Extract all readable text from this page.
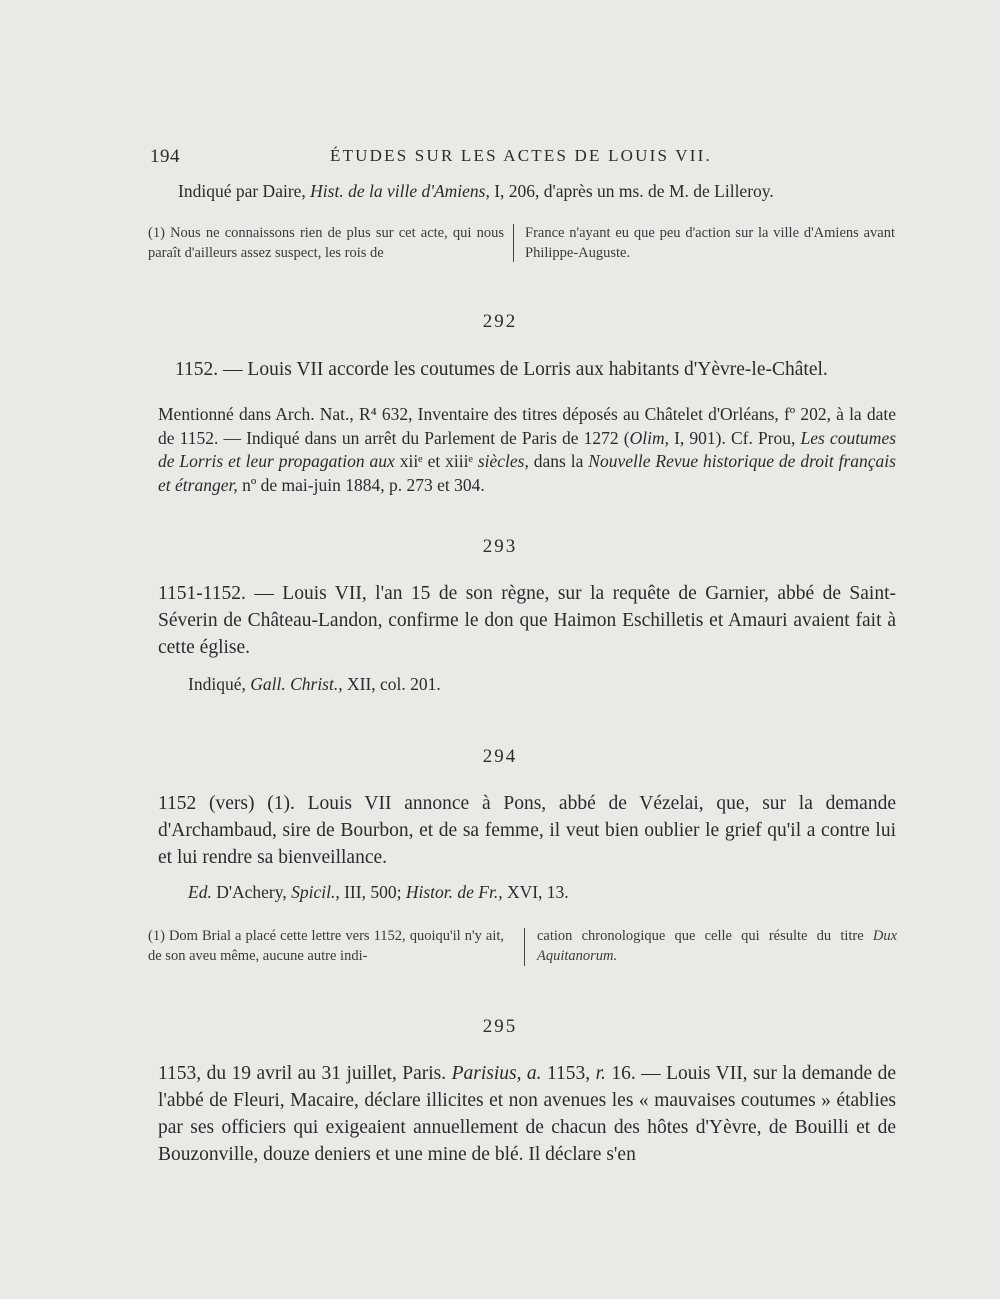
194	ÉTUDES SUR LES ACTES DE LOUIS VII.
Indiqué par Daire, Hist. de la ville d'Amiens, I, 206, d'après un ms. de M. de Lilleroy.
(1) Nous ne connaissons rien de plus sur cet acte, qui nous paraît d'ailleurs assez suspect, les rois de
France n'ayant eu que peu d'action sur la ville d'Amiens avant Philippe-Auguste.
292
1152. — Louis VII accorde les coutumes de Lorris aux habitants d'Yèvre-le-Châtel.
Mentionné dans Arch. Nat., R⁴ 632, Inventaire des titres déposés au Châtelet d'Orléans, fº 202, à la date de 1152. — Indiqué dans un arrêt du Parlement de Paris de 1272 (Olim, I, 901). Cf. Prou, Les coutumes de Lorris et leur propagation aux xiiᵉ et xiiiᵉ siècles, dans la Nouvelle Revue historique de droit français et étranger, nº de mai-juin 1884, p. 273 et 304.
293
1151-1152. — Louis VII, l'an 15 de son règne, sur la requête de Garnier, abbé de Saint-Séverin de Château-Landon, confirme le don que Haimon Eschilletis et Amauri avaient fait à cette église.
Indiqué, Gall. Christ., XII, col. 201.
294
1152 (vers) (1). Louis VII annonce à Pons, abbé de Vézelai, que, sur la demande d'Archambaud, sire de Bourbon, et de sa femme, il veut bien oublier le grief qu'il a contre lui et lui rendre sa bienveillance.
Ed. D'Achery, Spicil., III, 500; Histor. de Fr., XVI, 13.
(1) Dom Brial a placé cette lettre vers 1152, quoiqu'il n'y ait, de son aveu même, aucune autre indi-
cation chronologique que celle qui résulte du titre Dux Aquitanorum.
295
1153, du 19 avril au 31 juillet, Paris. Parisius, a. 1153, r. 16. — Louis VII, sur la demande de l'abbé de Fleuri, Macaire, déclare illicites et non avenues les « mauvaises coutumes » établies par ses officiers qui exigeaient annuellement de chacun des hôtes d'Yèvre, de Bouilli et de Bouzonville, douze deniers et une mine de blé. Il déclare s'en
